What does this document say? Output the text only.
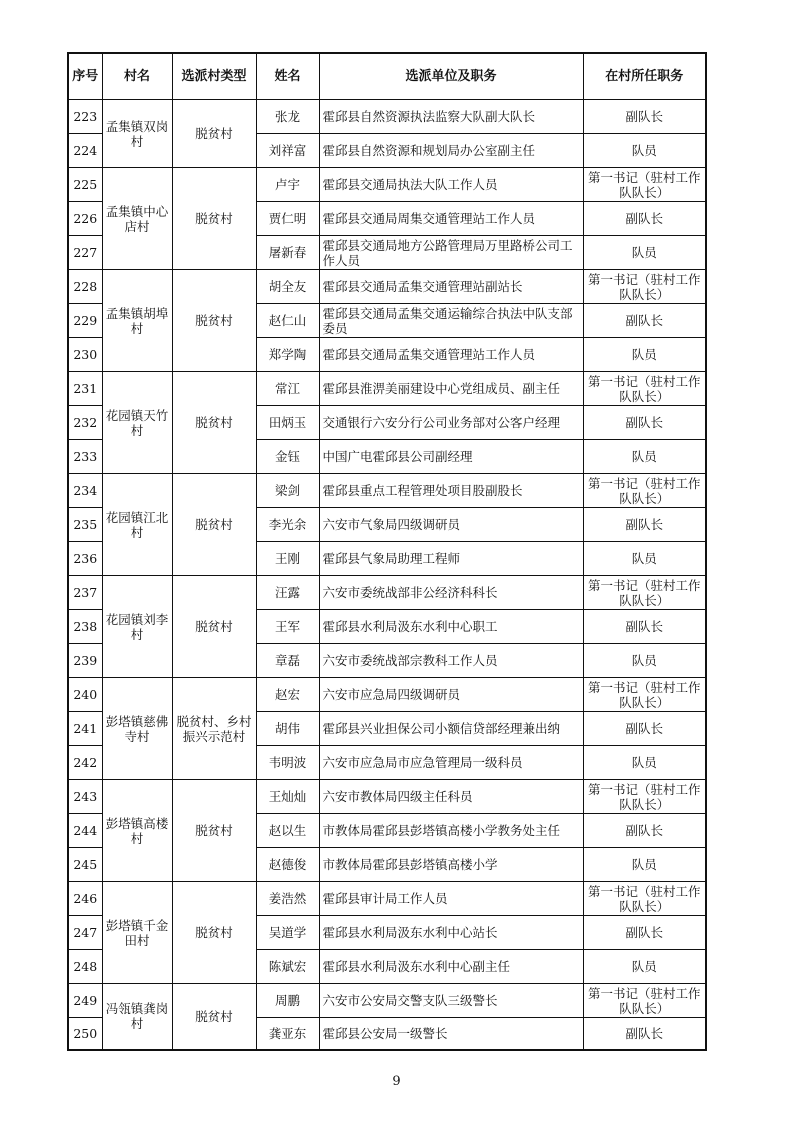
序号	村名	选派村类型	姓名	选派单位及职务	在村所任职务
223	孟集镇双岗村	脱贫村	张龙	霍邱县自然资源执法监察大队副大队长	副队长
224			刘祥富	霍邱县自然资源和规划局办公室副主任	队员
225	孟集镇中心店村	脱贫村	卢宇	霍邱县交通局执法大队工作人员	第一书记（驻村工作队队长）
226			贾仁明	霍邱县交通局周集交通管理站工作人员	副队长
227			屠新春	霍邱县交通局地方公路管理局万里路桥公司工作人员	队员
228	孟集镇胡埠村	脱贫村	胡全友	霍邱县交通局孟集交通管理站副站长	第一书记（驻村工作队队长）
229			赵仁山	霍邱县交通局孟集交通运输综合执法中队支部委员	副队长
230			郑学陶	霍邱县交通局孟集交通管理站工作人员	队员
231	花园镇天竹村	脱贫村	常江	霍邱县淮淠美丽建设中心党组成员、副主任	第一书记（驻村工作队队长）
232			田炳玉	交通银行六安分行公司业务部对公客户经理	副队长
233			金钰	中国广电霍邱县公司副经理	队员
234	花园镇江北村	脱贫村	梁剑	霍邱县重点工程管理处项目股副股长	第一书记（驻村工作队队长）
235			李光余	六安市气象局四级调研员	副队长
236			王刚	霍邱县气象局助理工程师	队员
237	花园镇刘李村	脱贫村	汪露	六安市委统战部非公经济科科长	第一书记（驻村工作队队长）
238			王军	霍邱县水利局汲东水利中心职工	副队长
239			章磊	六安市委统战部宗教科工作人员	队员
240	彭塔镇慈佛寺村	脱贫村、乡村振兴示范村	赵宏	六安市应急局四级调研员	第一书记（驻村工作队队长）
241			胡伟	霍邱县兴业担保公司小额信贷部经理兼出纳	副队长
242			韦明波	六安市应急局市应急管理局一级科员	队员
243	彭塔镇高楼村	脱贫村	王灿灿	六安市教体局四级主任科员	第一书记（驻村工作队队长）
244			赵以生	市教体局霍邱县彭塔镇高楼小学教务处主任	副队长
245			赵德俊	市教体局霍邱县彭塔镇高楼小学	队员
246	彭塔镇千金田村	脱贫村	姜浩然	霍邱县审计局工作人员	第一书记（驻村工作队队长）
247			吴道学	霍邱县水利局汲东水利中心站长	副队长
248			陈斌宏	霍邱县水利局汲东水利中心副主任	队员
249	冯瓴镇龚岗村	脱贫村	周鹏	六安市公安局交警支队三级警长	第一书记（驻村工作队队长）
250			龚亚东	霍邱县公安局一级警长	副队长
9
